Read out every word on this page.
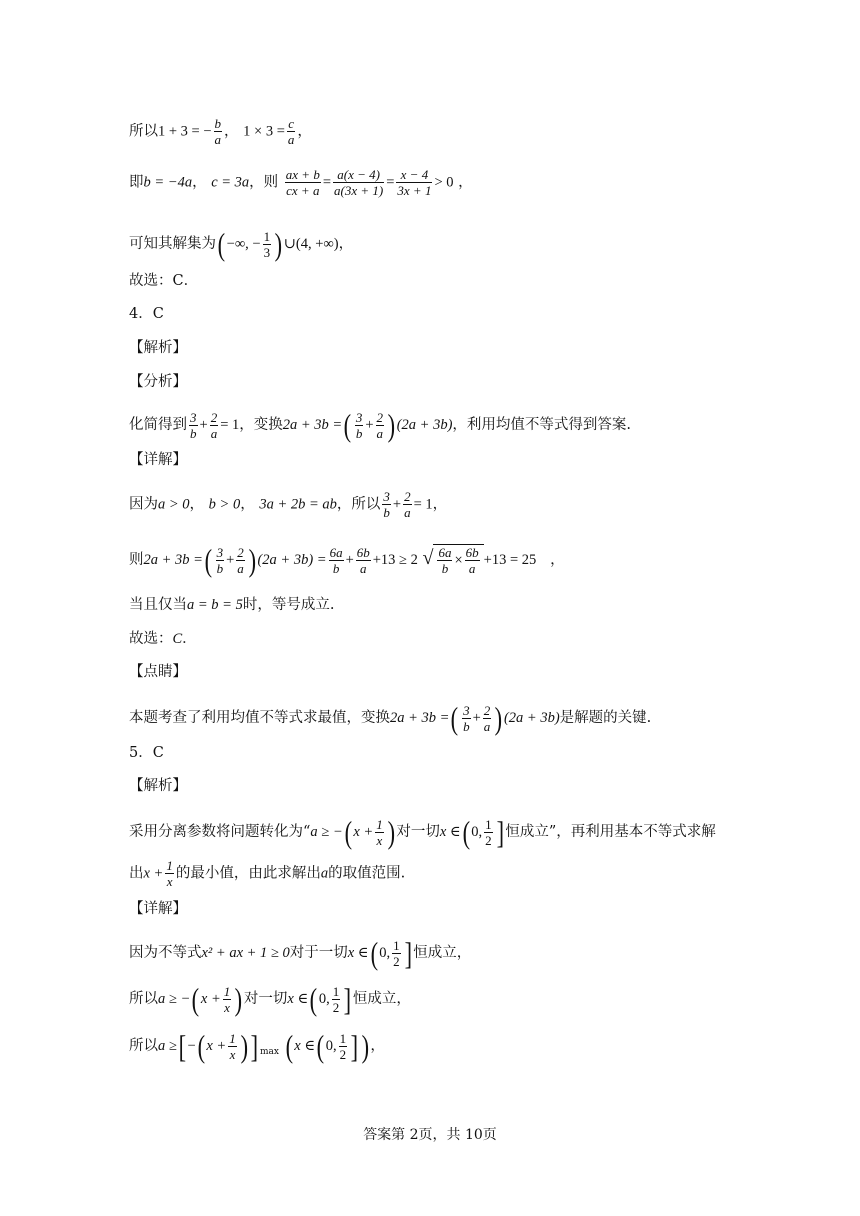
所以1 + 3 = − $\frac{b}{a}$ ， $1 \times 3 = \frac{c}{a}$ ，
即b = −4a， c = 3a，则 $\frac{ax + b}{cx + a} = \frac{a(x - 4)}{a(3x + 1)} = \frac{x - 4}{3x + 1} > 0$ ，
可知其解集为( −∞, − $\frac{1}{3}$ ) ∪(4, +∞)，
故选：C．
4．C
【解析】
【分析】
化简得到 $\frac{3}{b} + \frac{2}{a} = 1$，变换2a + 3b =( $\frac{3}{b} + \frac{2}{a}$ ) (2a + 3b)，利用均值不等式得到答案.
【详解】
因为a > 0， b > 0， 3a + 2b = ab，所以 $\frac{3}{b} + \frac{2}{a} = 1$，
则2a + 3b =( $\frac{3}{b} + \frac{2}{a}$ ) $(2a + 3b) = \frac{6a}{b} + \frac{6b}{a} +13 \ge 2$ √ $\frac{6a}{b} \times \frac{6b}{a} +13 = 25$ ，
当且仅当a = b = 5时，等号成立.
故选：C．
【点睛】
本题考查了利用均值不等式求最值，变换2a + 3b =( $\frac{3}{b} + \frac{2}{a}$ ) (2a + 3b)是解题的关键.
5．C
【解析】
采用分离参数将问题转化为“a ≥ −( $x + \frac{1}{x}$ ) 对一切x ∈( 0, $\frac{1}{2}$ ] 恒成立”，再利用基本不等式求解
出$x + \frac{1}{x}$ 的最小值，由此求解出a的取值范围.
【详解】
因为不等式x² + ax + 1 ≥ 0对于一切x ∈( 0, $\frac{1}{2}$ ] 恒成立，
所以a ≥ −( $x + \frac{1}{x}$ ) 对一切x ∈( 0, $\frac{1}{2}$ ] 恒成立，
所以a ≥[ −( $x + \frac{1}{x}$ )] $_{max}$ ( x ∈( 0, $\frac{1}{2}$ ]) ，
答案第 2页，共 10页
